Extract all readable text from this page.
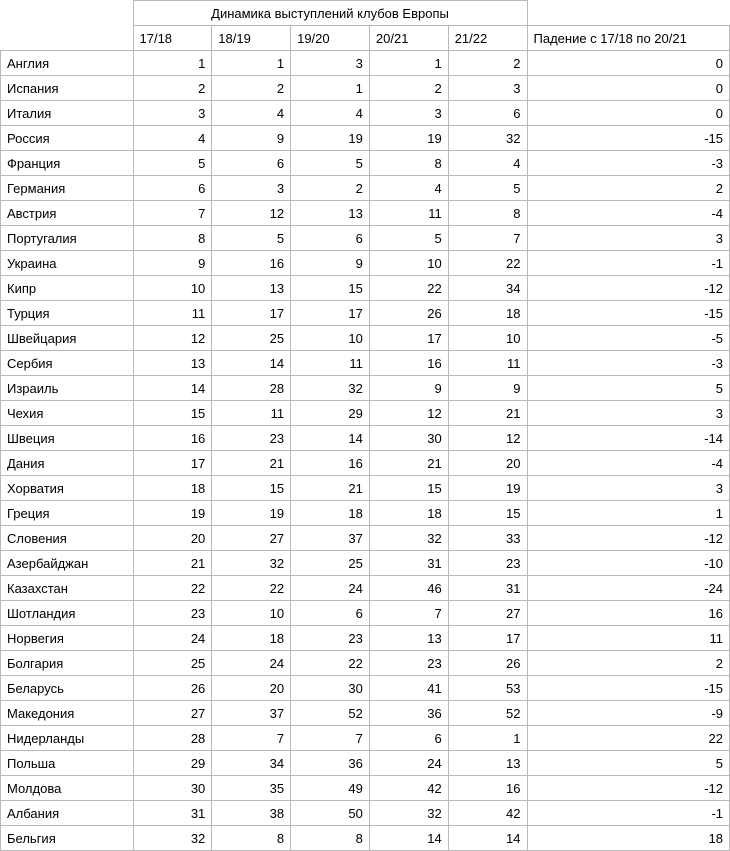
	Динамика выступлений клубов Европы					
	17/18	18/19	19/20	20/21	21/22	Падение с 17/18 по 20/21
Англия	1	1	3	1	2	0
Испания	2	2	1	2	3	0
Италия	3	4	4	3	6	0
Россия	4	9	19	19	32	-15
Франция	5	6	5	8	4	-3
Германия	6	3	2	4	5	2
Австрия	7	12	13	11	8	-4
Португалия	8	5	6	5	7	3
Украина	9	16	9	10	22	-1
Кипр	10	13	15	22	34	-12
Турция	11	17	17	26	18	-15
Швейцария	12	25	10	17	10	-5
Сербия	13	14	11	16	11	-3
Израиль	14	28	32	9	9	5
Чехия	15	11	29	12	21	3
Швеция	16	23	14	30	12	-14
Дания	17	21	16	21	20	-4
Хорватия	18	15	21	15	19	3
Греция	19	19	18	18	15	1
Словения	20	27	37	32	33	-12
Азербайджан	21	32	25	31	23	-10
Казахстан	22	22	24	46	31	-24
Шотландия	23	10	6	7	27	16
Норвегия	24	18	23	13	17	11
Болгария	25	24	22	23	26	2
Беларусь	26	20	30	41	53	-15
Македония	27	37	52	36	52	-9
Нидерланды	28	7	7	6	1	22
Польша	29	34	36	24	13	5
Молдова	30	35	49	42	16	-12
Албания	31	38	50	32	42	-1
Бельгия	32	8	8	14	14	18
